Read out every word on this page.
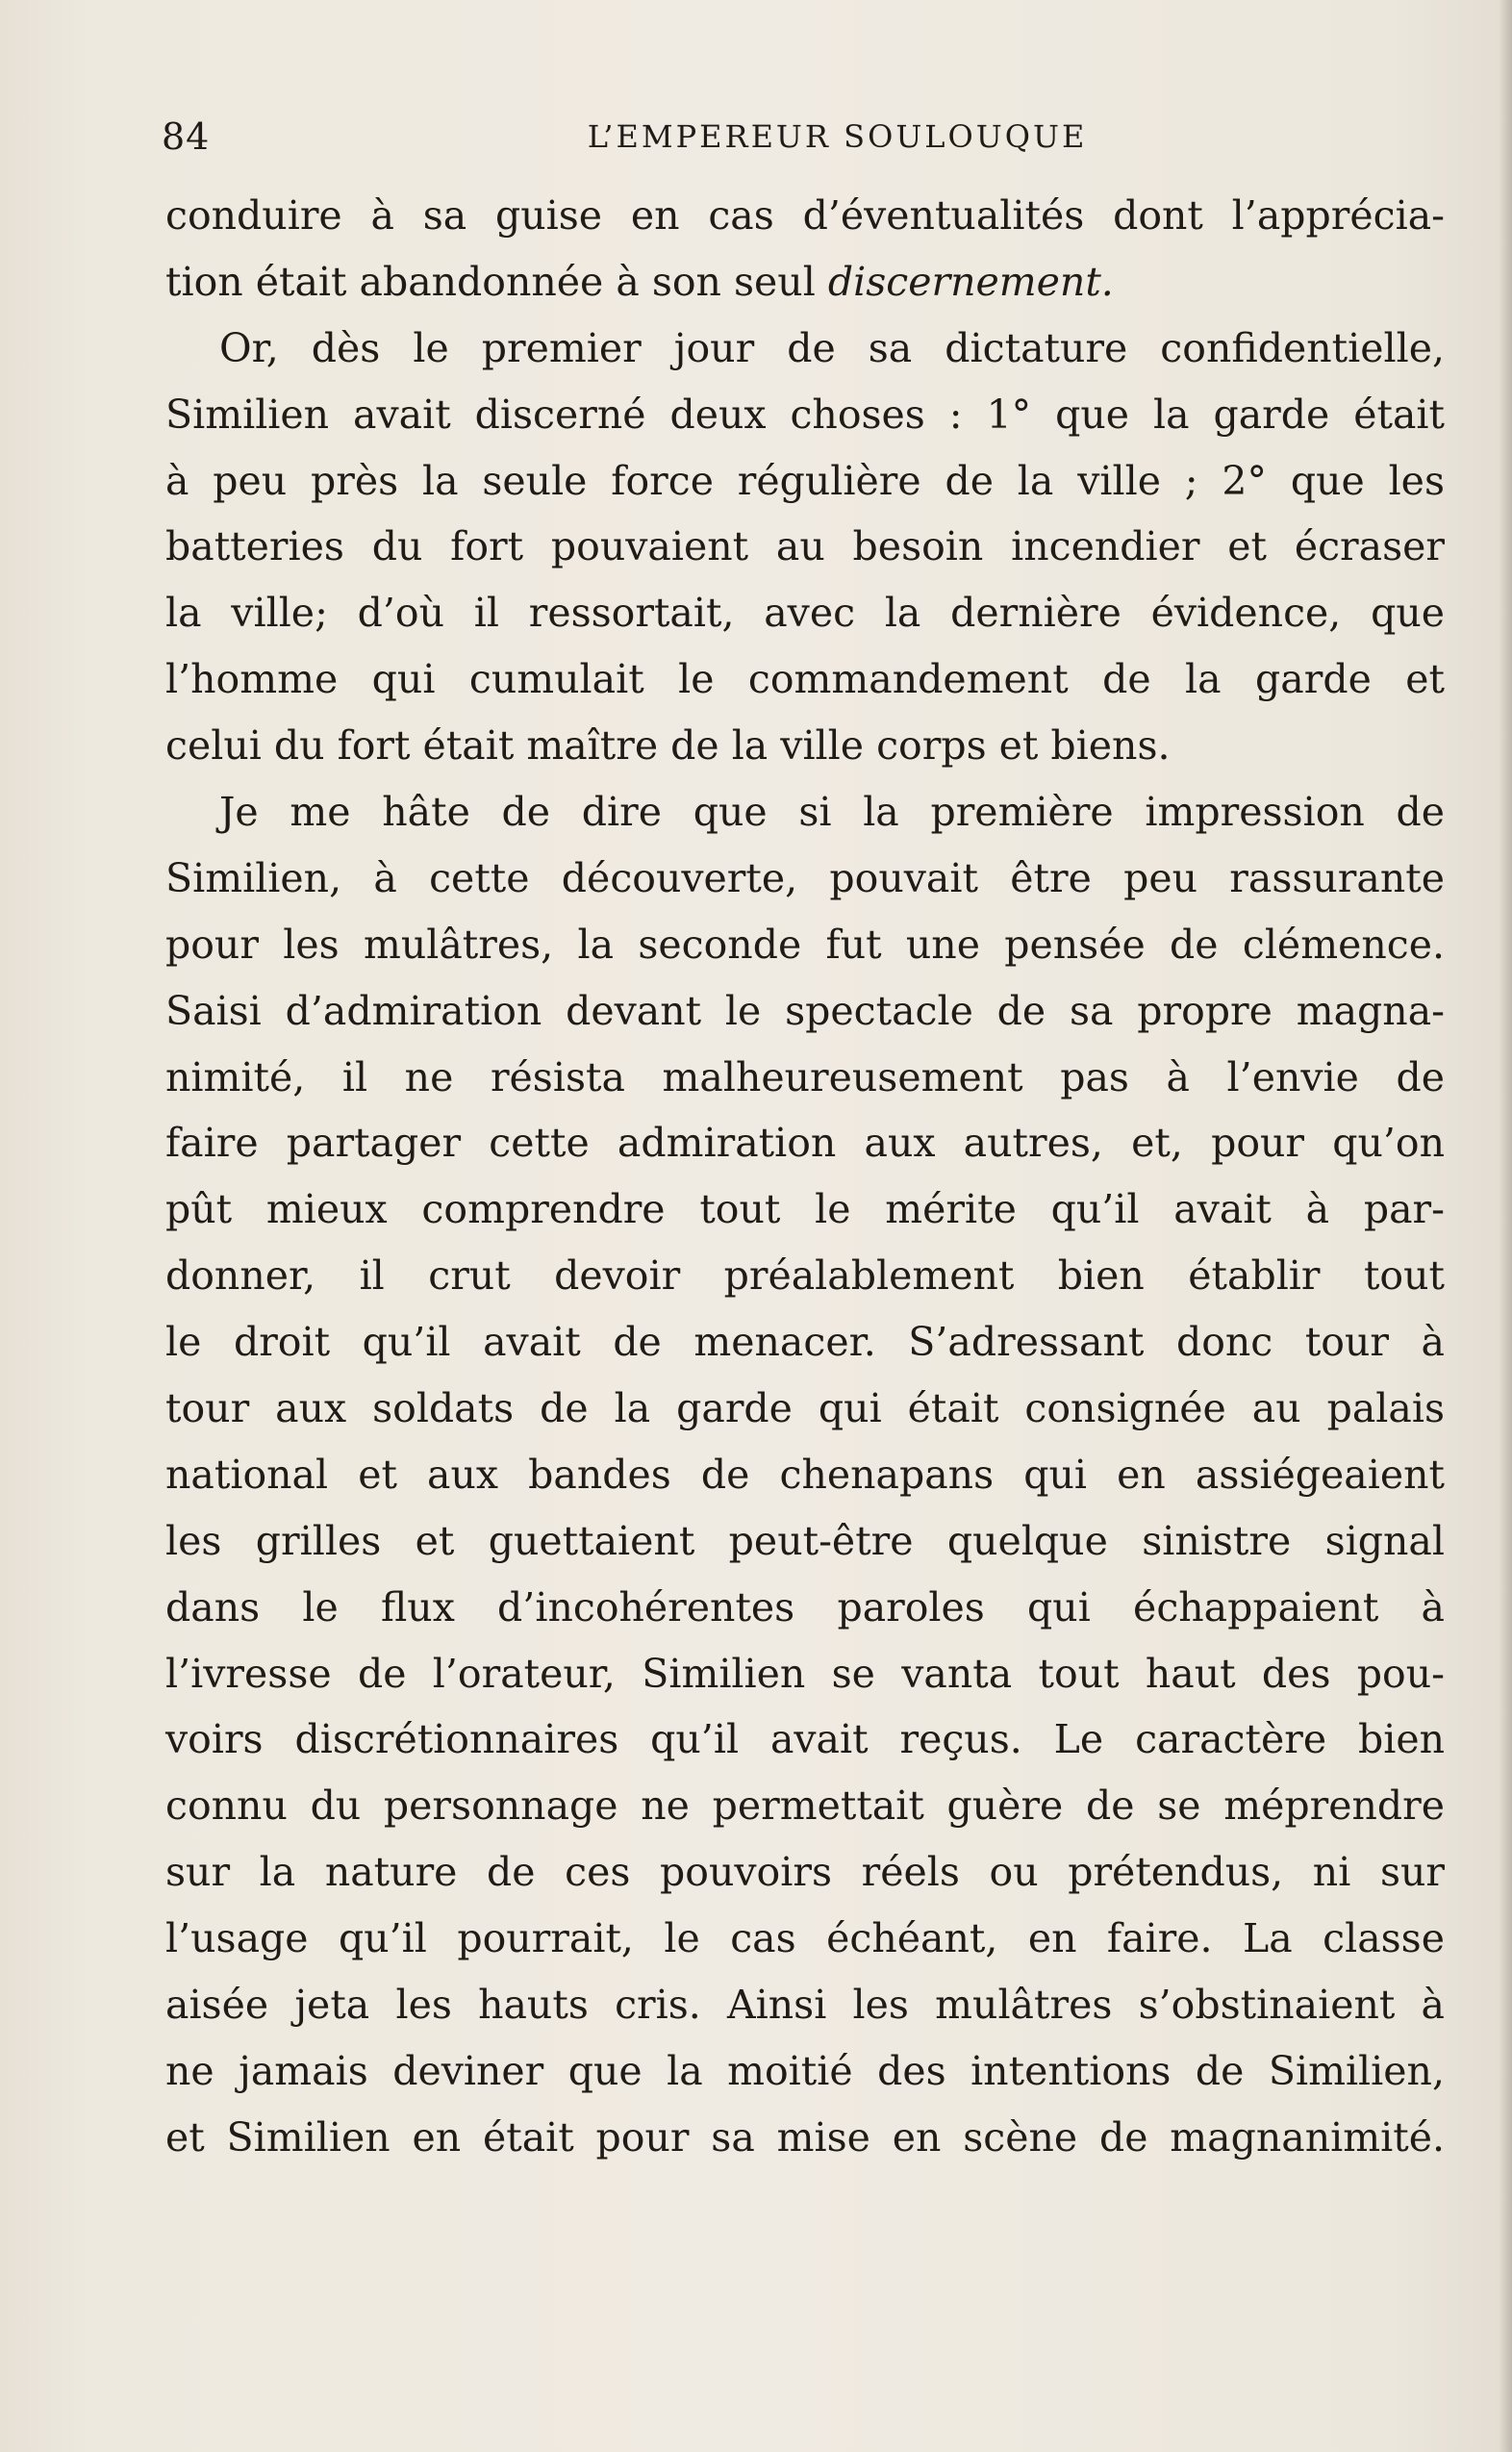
84	L’EMPEREUR SOULOUQUE
conduire à sa guise en cas d’éventualités dont l’apprécia-
tion était abandonnée à son seul discernement.
Or, dès le premier jour de sa dictature confidentielle,
Similien avait discerné deux choses : 1° que la garde était
à peu près la seule force régulière de la ville ; 2° que les
batteries du fort pouvaient au besoin incendier et écraser
la ville; d’où il ressortait, avec la dernière évidence, que
l’homme qui cumulait le commandement de la garde et
celui du fort était maître de la ville corps et biens.
Je me hâte de dire que si la première impression de
Similien, à cette découverte, pouvait être peu rassurante
pour les mulâtres, la seconde fut une pensée de clémence.
Saisi d’admiration devant le spectacle de sa propre magna-
nimité, il ne résista malheureusement pas à l’envie de
faire partager cette admiration aux autres, et, pour qu’on
pût mieux comprendre tout le mérite qu’il avait à par-
donner, il crut devoir préalablement bien établir tout
le droit qu’il avait de menacer. S’adressant donc tour à
tour aux soldats de la garde qui était consignée au palais
national et aux bandes de chenapans qui en assiégeaient
les grilles et guettaient peut-être quelque sinistre signal
dans le flux d’incohérentes paroles qui échappaient à
l’ivresse de l’orateur, Similien se vanta tout haut des pou-
voirs discrétionnaires qu’il avait reçus. Le caractère bien
connu du personnage ne permettait guère de se méprendre
sur la nature de ces pouvoirs réels ou prétendus, ni sur
l’usage qu’il pourrait, le cas échéant, en faire. La classe
aisée jeta les hauts cris. Ainsi les mulâtres s’obstinaient à
ne jamais deviner que la moitié des intentions de Similien,
et Similien en était pour sa mise en scène de magnanimité.
